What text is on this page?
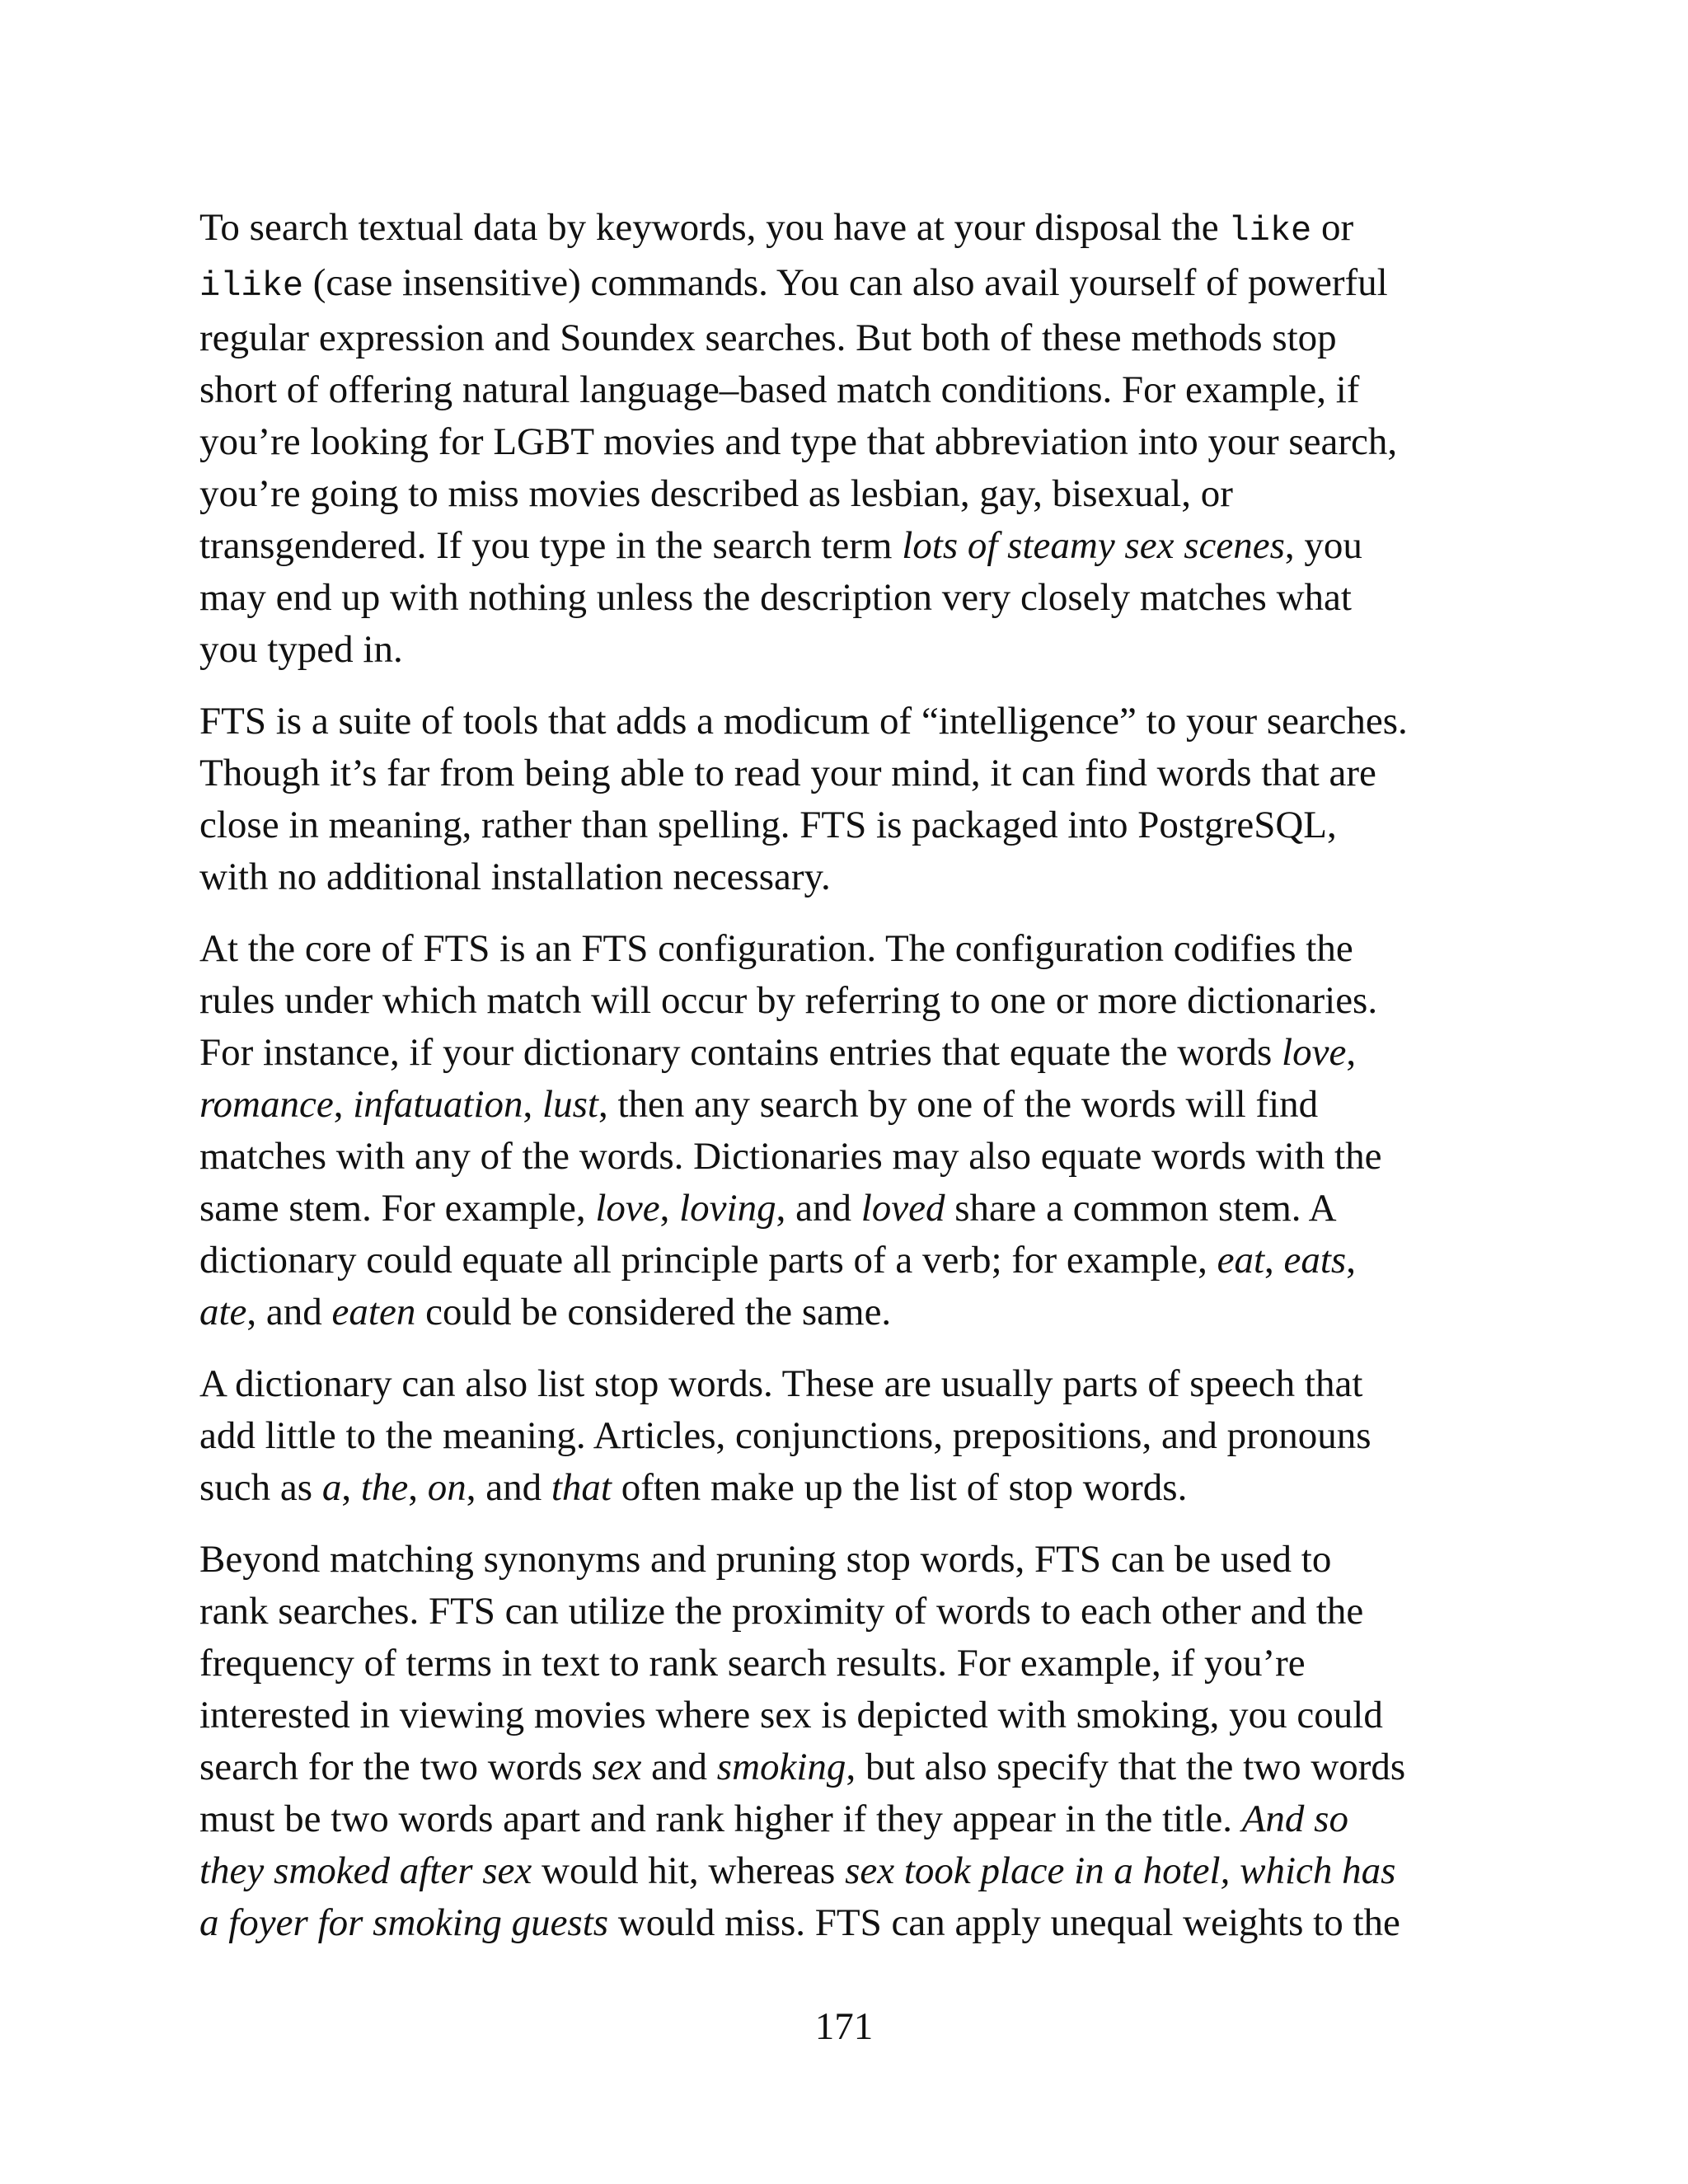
To search textual data by keywords, you have at your disposal the like or
ilike (case insensitive) commands. You can also avail yourself of powerful
regular expression and Soundex searches. But both of these methods stop
short of offering natural language–based match conditions. For example, if
you’re looking for LGBT movies and type that abbreviation into your search,
you’re going to miss movies described as lesbian, gay, bisexual, or
transgendered. If you type in the search term lots of steamy sex scenes, you
may end up with nothing unless the description very closely matches what
you typed in.

FTS is a suite of tools that adds a modicum of “intelligence” to your searches.
Though it’s far from being able to read your mind, it can find words that are
close in meaning, rather than spelling. FTS is packaged into PostgreSQL,
with no additional installation necessary.

At the core of FTS is an FTS configuration. The configuration codifies the
rules under which match will occur by referring to one or more dictionaries.
For instance, if your dictionary contains entries that equate the words love,
romance, infatuation, lust, then any search by one of the words will find
matches with any of the words. Dictionaries may also equate words with the
same stem. For example, love, loving, and loved share a common stem. A
dictionary could equate all principle parts of a verb; for example, eat, eats,
ate, and eaten could be considered the same.

A dictionary can also list stop words. These are usually parts of speech that
add little to the meaning. Articles, conjunctions, prepositions, and pronouns
such as a, the, on, and that often make up the list of stop words.

Beyond matching synonyms and pruning stop words, FTS can be used to
rank searches. FTS can utilize the proximity of words to each other and the
frequency of terms in text to rank search results. For example, if you’re
interested in viewing movies where sex is depicted with smoking, you could
search for the two words sex and smoking, but also specify that the two words
must be two words apart and rank higher if they appear in the title. And so
they smoked after sex would hit, whereas sex took place in a hotel, which has
a foyer for smoking guests would miss. FTS can apply unequal weights to the

171
